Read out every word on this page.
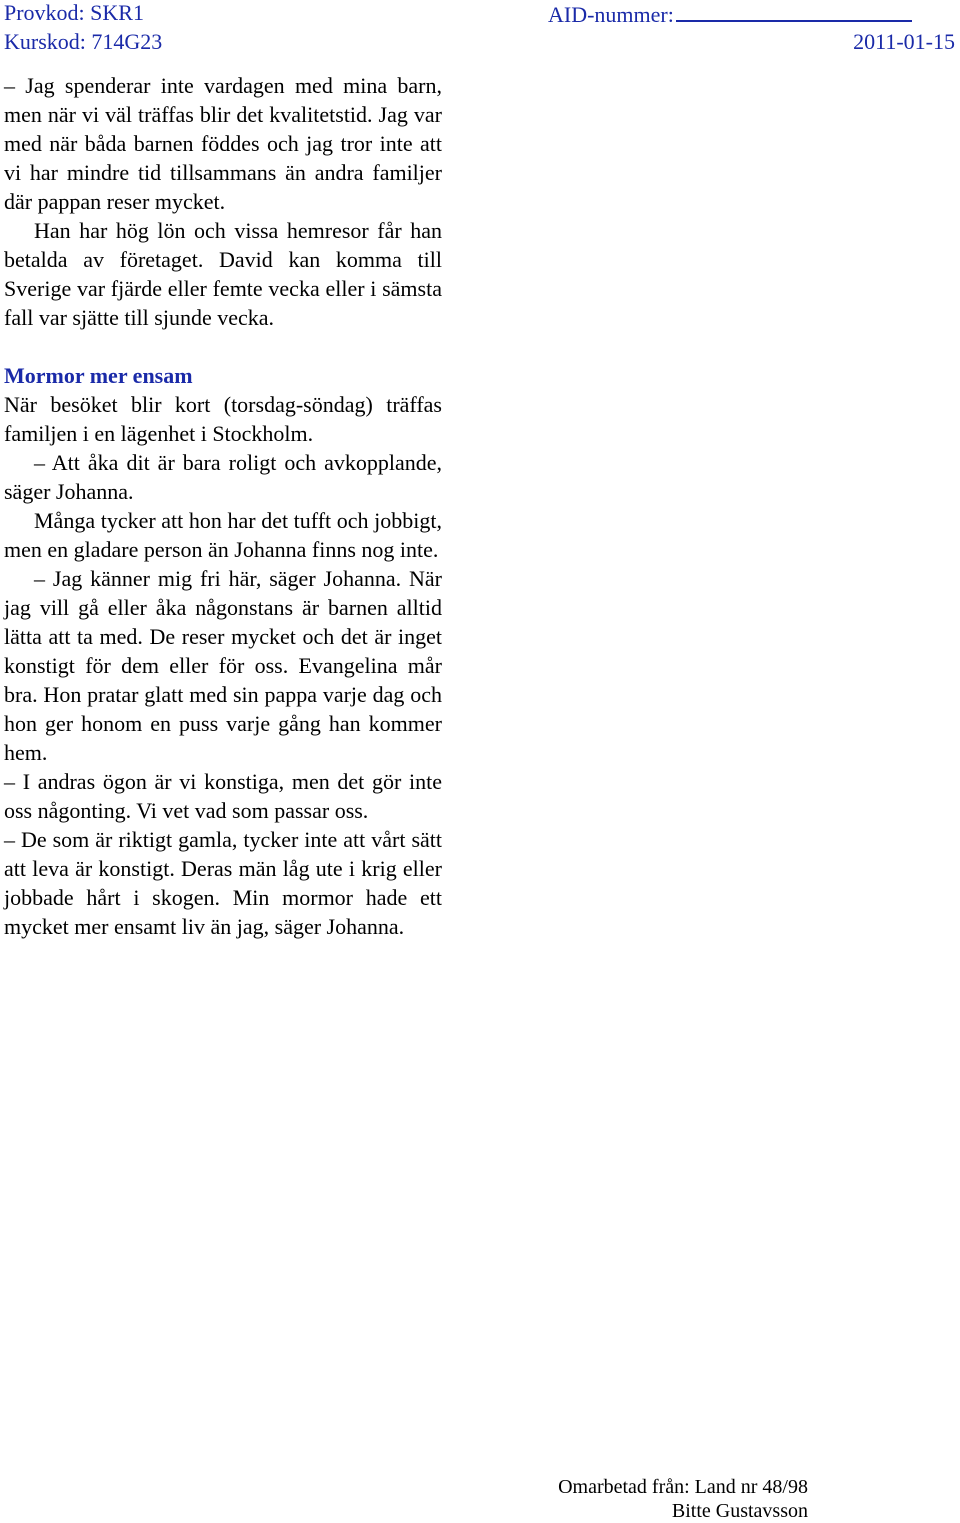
Provkod: SKR1
Kurskod: 714G23
AID-nummer:
2011-01-15

– Jag spenderar inte vardagen med mina barn, men när vi väl träffas blir det kvalitetstid. Jag var med när båda barnen föddes och jag tror inte att vi har mindre tid tillsammans än andra familjer där pappan reser mycket.

Han har hög lön och vissa hemresor får han betalda av företaget. David kan komma till Sverige var fjärde eller femte vecka eller i sämsta fall var sjätte till sjunde vecka.

Mormor mer ensam

När besöket blir kort (torsdag-söndag) träffas familjen i en lägenhet i Stockholm.

– Att åka dit är bara roligt och avkopplande, säger Johanna.

Många tycker att hon har det tufft och jobbigt, men en gladare person än Johanna finns nog inte.

– Jag känner mig fri här, säger Johanna. När jag vill gå eller åka någonstans är barnen alltid lätta att ta med. De reser mycket och det är inget konstigt för dem eller för oss. Evangelina mår bra. Hon pratar glatt med sin pappa varje dag och hon ger honom en puss varje gång han kommer hem.

– I andras ögon är vi konstiga, men det gör inte oss någonting. Vi vet vad som passar oss.

– De som är riktigt gamla, tycker inte att vårt sätt att leva är konstigt. Deras män låg ute i krig eller jobbade hårt i skogen. Min mormor hade ett mycket mer ensamt liv än jag, säger Johanna.

Omarbetad från: Land nr 48/98
Bitte Gustavsson
